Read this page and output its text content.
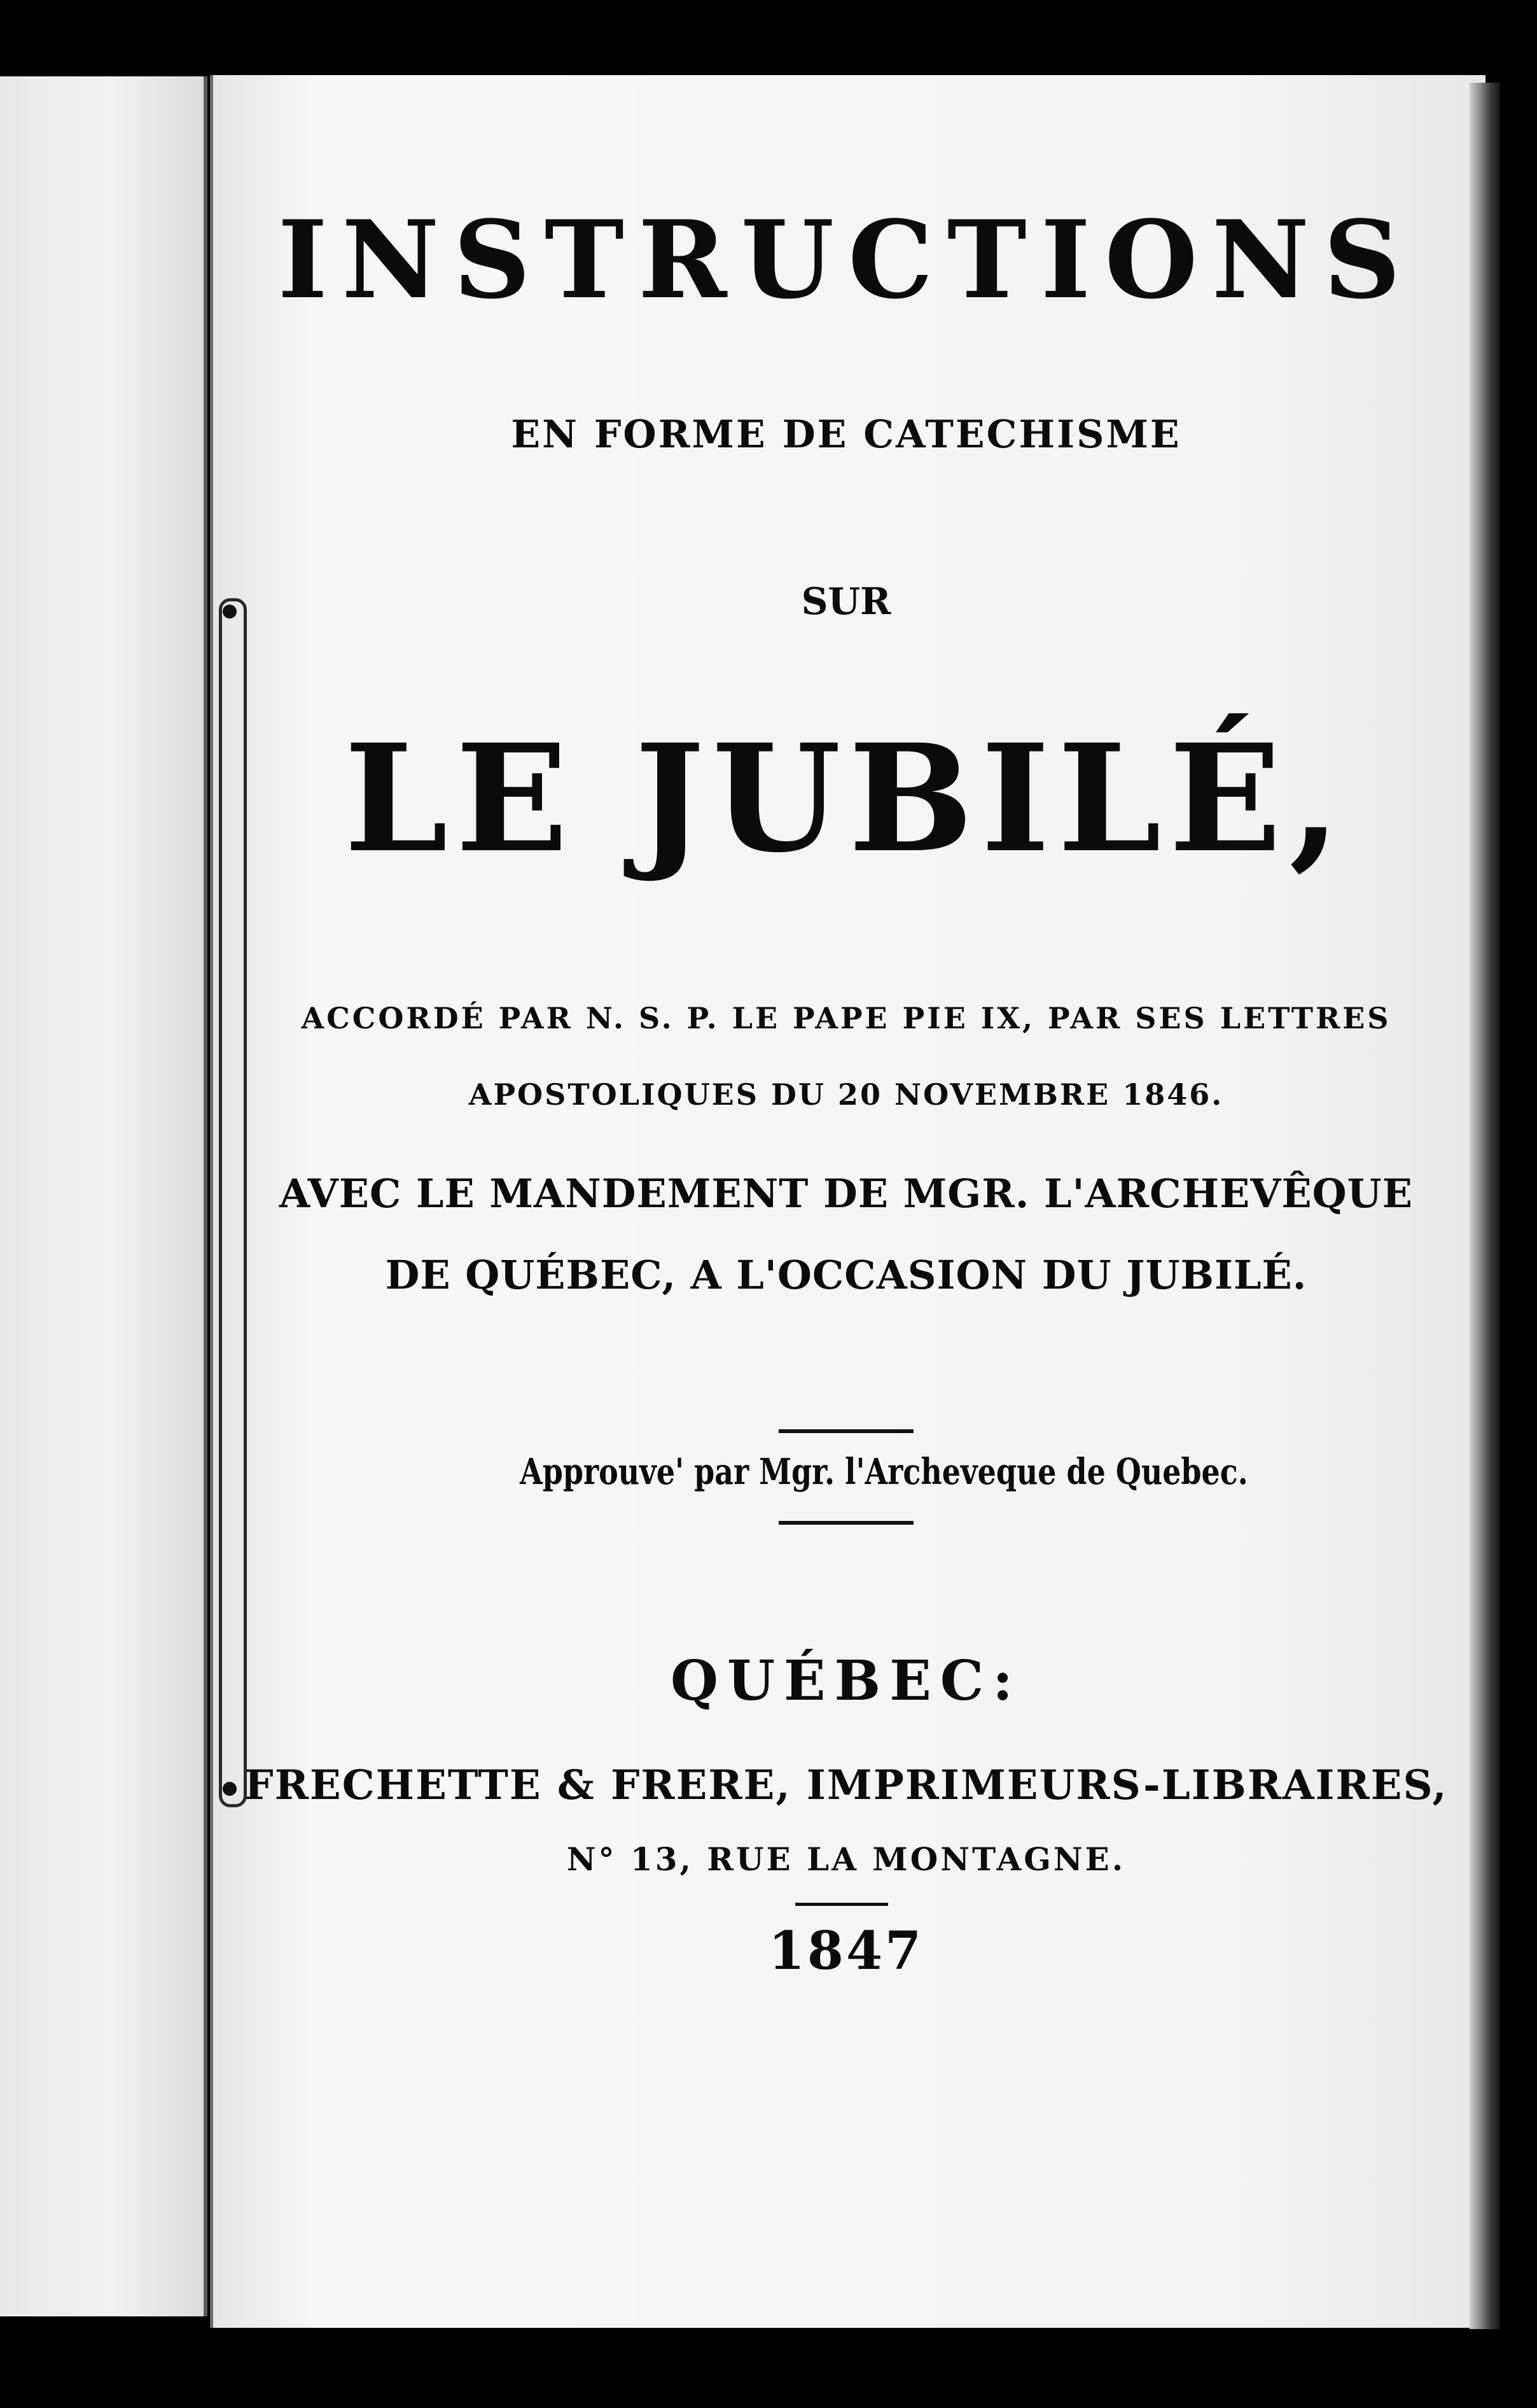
INSTRUCTIONS

EN FORME DE CATECHISME

SUR

LE JUBILÉ,

ACCORDÉ PAR N. S. P. LE PAPE PIE IX, PAR SES LETTRES

APOSTOLIQUES DU 20 NOVEMBRE 1846.

AVEC LE MANDEMENT DE MGR. L'ARCHEVÊQUE

DE QUÉBEC, A L'OCCASION DU JUBILÉ.

Approuve' par Mgr. l'Archeveque de Quebec.

QUÉBEC:

FRECHETTE & FRERE, IMPRIMEURS-LIBRAIRES,

N° 13, RUE LA MONTAGNE.

1847
